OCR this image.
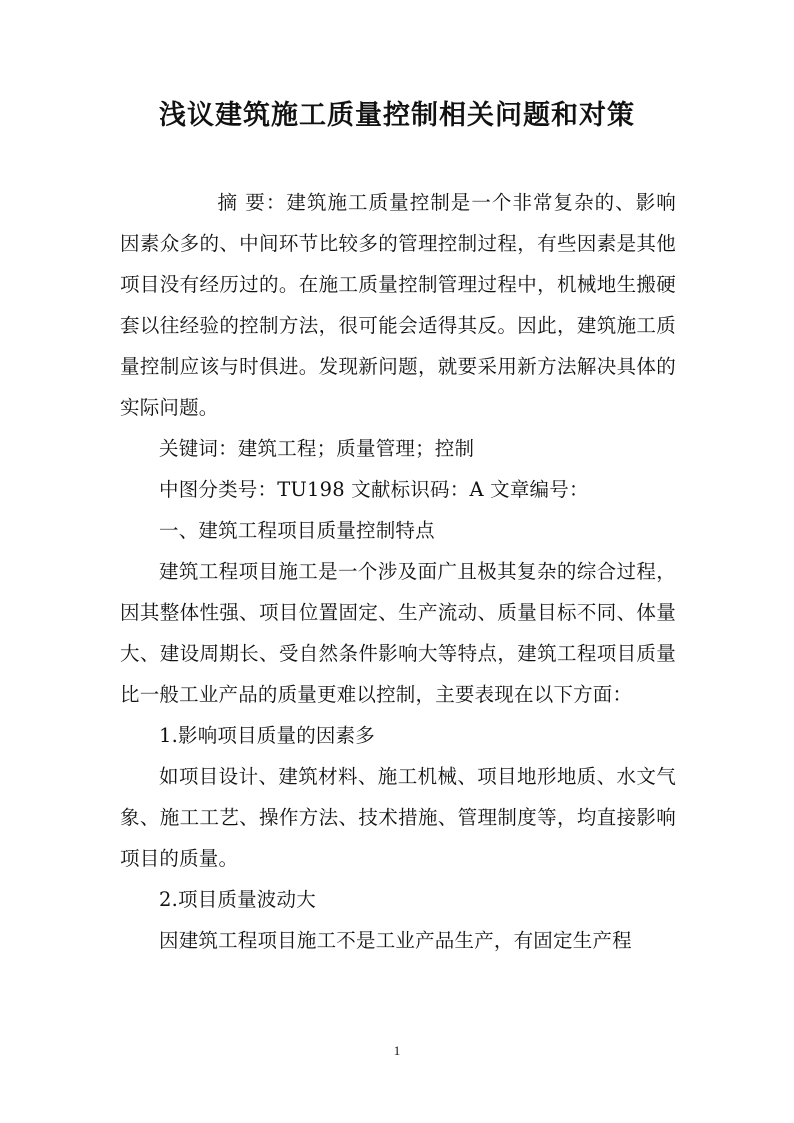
浅议建筑施工质量控制相关问题和对策

摘 要：建筑施工质量控制是一个非常复杂的、影响因素众多的、中间环节比较多的管理控制过程，有些因素是其他项目没有经历过的。在施工质量控制管理过程中，机械地生搬硬套以往经验的控制方法，很可能会适得其反。因此，建筑施工质量控制应该与时俱进。发现新问题，就要采用新方法解决具体的实际问题。

关键词：建筑工程；质量管理；控制

中图分类号：TU198 文献标识码：A 文章编号：

一、建筑工程项目质量控制特点

建筑工程项目施工是一个涉及面广且极其复杂的综合过程，因其整体性强、项目位置固定、生产流动、质量目标不同、体量大、建设周期长、受自然条件影响大等特点，建筑工程项目质量比一般工业产品的质量更难以控制，主要表现在以下方面：

1.影响项目质量的因素多

如项目设计、建筑材料、施工机械、项目地形地质、水文气象、施工工艺、操作方法、技术措施、管理制度等，均直接影响项目的质量。

2.项目质量波动大

因建筑工程项目施工不是工业产品生产，有固定生产程

1
